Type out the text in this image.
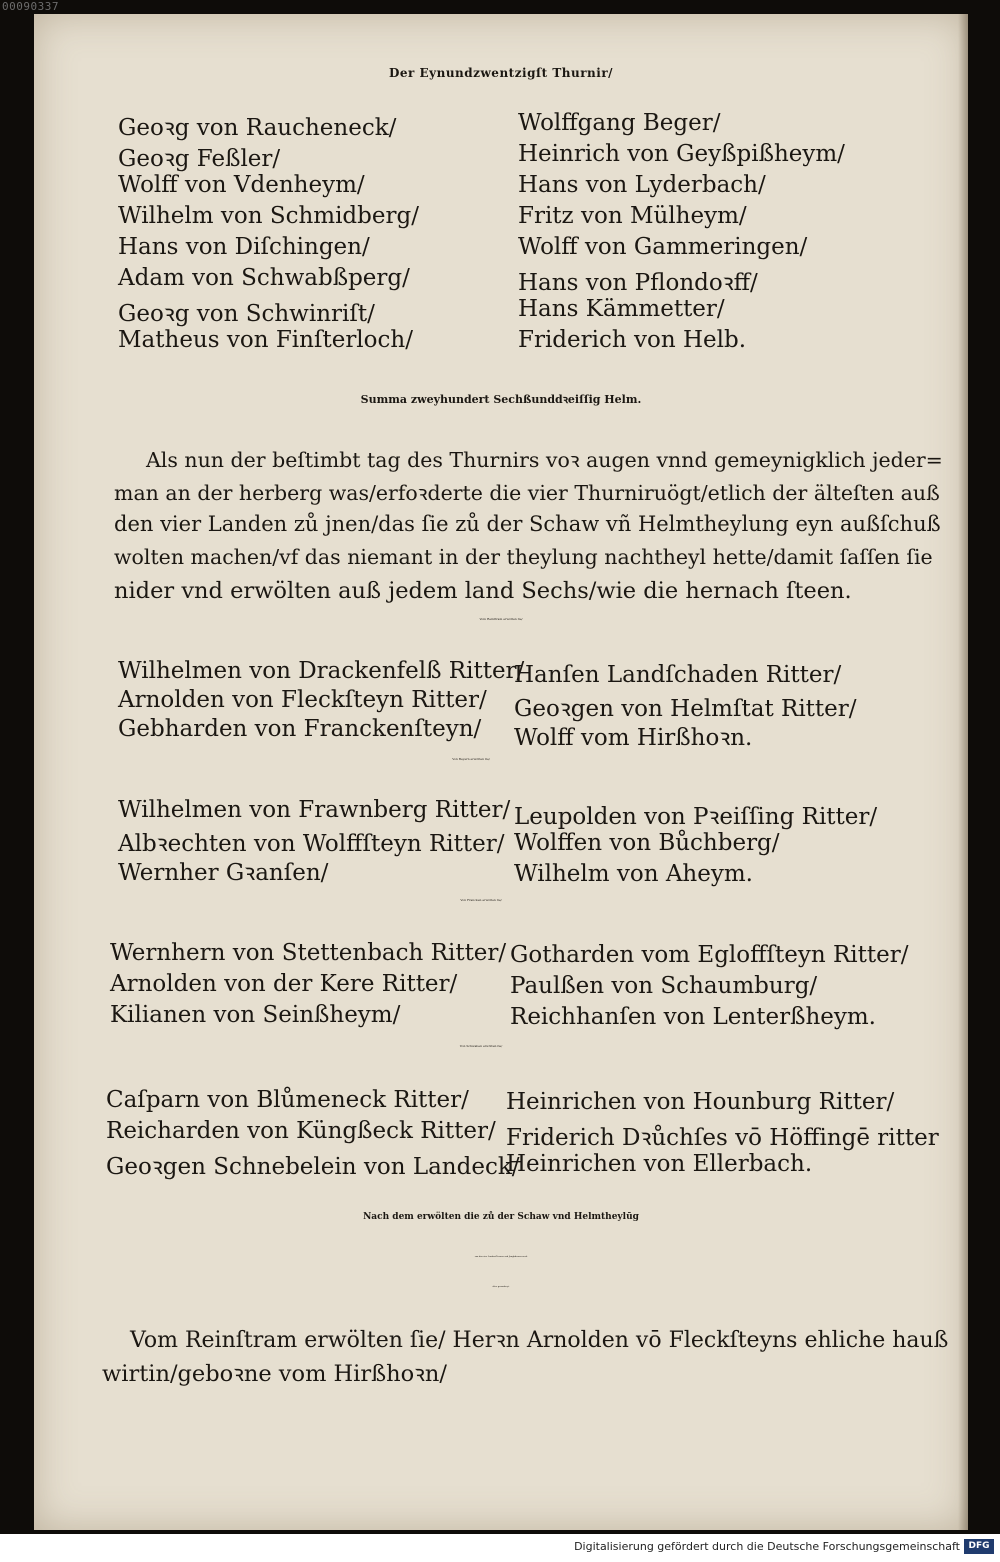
00090337
Der Eynundzwentzigſt Thurnir/
Geoꝛg von Raucheneck/
Geoꝛg Feßler/
Wolff von Vdenheym/
Wilhelm von Schmidberg/
Hans von Diſchingen/
Adam von Schwabßperg/
Geoꝛg von Schwinriſt/
Matheus von Finſterloch/
Wolffgang Beger/
Heinrich von Geyßpißheym/
Hans von Lyderbach/
Fritz von Mülheym/
Wolff von Gammeringen/
Hans von Pflondoꝛff/
Hans Kämmetter/
Friderich von Helb.
Summa zweyhundert Sechßunddꝛeiſſig Helm.
Als nun der beſtimbt tag des Thurnirs voꝛ augen vnnd gemeynigklich jeder=
man an der herberg was/erfoꝛderte die vier Thurniruögt/etlich der älteſten auß
den vier Landen zů jnen/das ſie zů der Schaw vñ Helmtheylung eyn außſchuß
wolten machen/vf das niemant in der theylung nachtheyl hette/damit ſaſſen ſie
nider vnd erwölten auß jedem land Sechs/wie die hernach ſteen.
Vom Reinſtram erwölten ſie/
Wilhelmen von Drackenfelß Ritter/
Arnolden von Fleckſteyn Ritter/
Gebharden von Franckenſteyn/
Hanſen Landſchaden Ritter/
Geoꝛgen von Helmſtat Ritter/
Wolff vom Hirßhoꝛn.
Von Beyern erwölten ſie/
Wilhelmen von Frawnberg Ritter/
Albꝛechten von Wolffſteyn Ritter/
Wernher Gꝛanſen/
Leupolden von Pꝛeiſſing Ritter/
Wolffen von Bůchberg/
Wilhelm von Aheym.
Von Francken erwölten ſie/
Wernhern von Stettenbach Ritter/
Arnolden von der Kere Ritter/
Kilianen von Seinßheym/
Gotharden vom Egloffſteyn Ritter/
Paulßen von Schaumburg/
Reichhanſen von Lenterßheym.
Von Schwaben erwölten ſie/
Caſparn von Blůmeneck Ritter/
Reicharden von Küngßeck Ritter/
Geoꝛgen Schnebelein von Landeck/
Heinrichen von Hounburg Ritter/
Friderich Dꝛůchſes vō Höffingē ritter
Heinrichen von Ellerbach.
Nach dem erwölten die zů der Schaw vnd Helmtheylūg
von den vier Landen/Frawen vnd Jungkfrawen nach
alter gewonheyt.
Vom Reinſtram erwölten ſie/ Herꝛn Arnolden vō Fleckſteyns ehliche hauß
wirtin/geboꝛne vom Hirßhoꝛn/
Digitalisierung gefördert durch die Deutsche Forschungsgemeinschaft DFG
